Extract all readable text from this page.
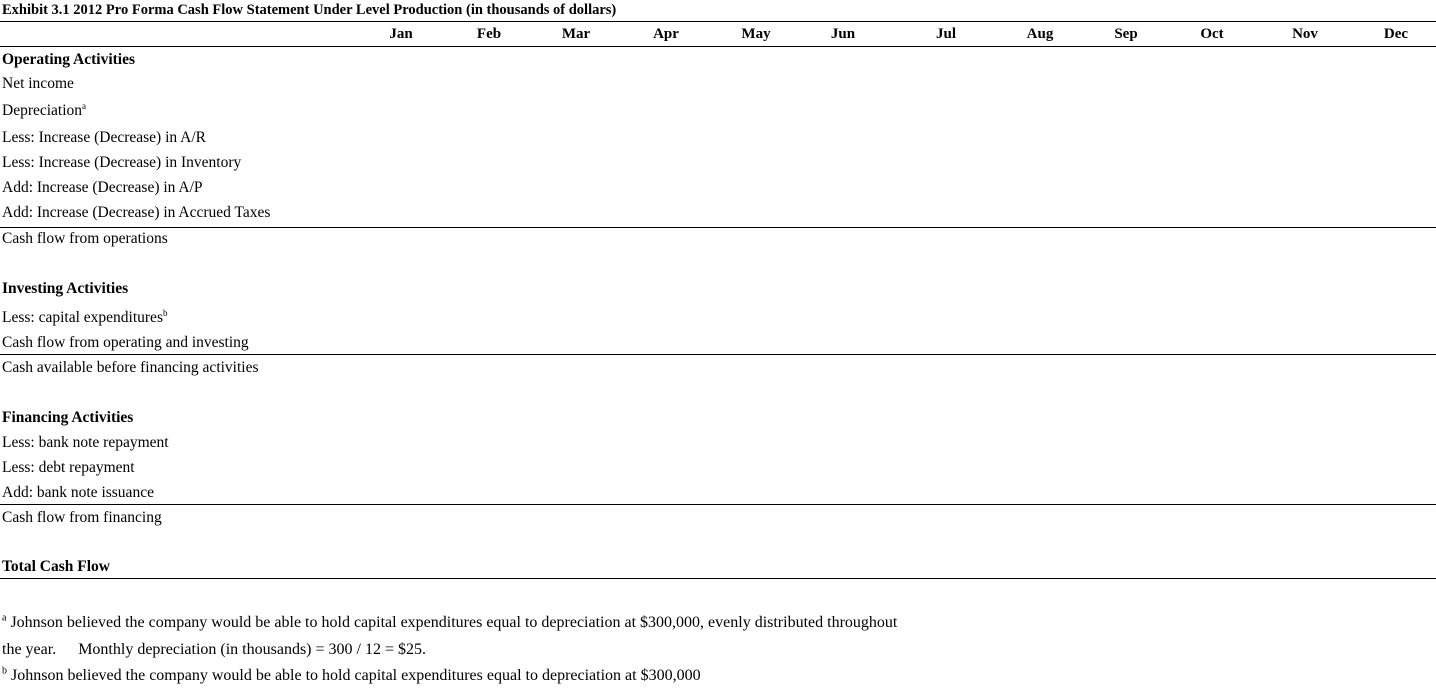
Exhibit 3.1 2012 Pro Forma Cash Flow Statement Under Level Production (in thousands of dollars)
Jan	Feb	Mar	Apr	May	Jun	Jul	Aug	Sep	Oct	Nov	Dec
Operating Activities
Net income
Depreciation$^a$
Less: Increase (Decrease) in A/R
Less: Increase (Decrease) in Inventory
Add: Increase (Decrease) in A/P
Add: Increase (Decrease) in Accrued Taxes
Cash flow from operations
Investing Activities
Less: capital expenditures$^b$
Cash flow from operating and investing
Cash available before financing activities
Financing Activities
Less: bank note repayment
Less: debt repayment
Add: bank note issuance
Cash flow from financing
Total Cash Flow
$^a$ Johnson believed the company would be able to hold capital expenditures equal to depreciation at $300,000, evenly distributed throughout
the year. Monthly depreciation (in thousands) = 300 / 12 = $25.
$^b$ Johnson believed the company would be able to hold capital expenditures equal to depreciation at $300,000
